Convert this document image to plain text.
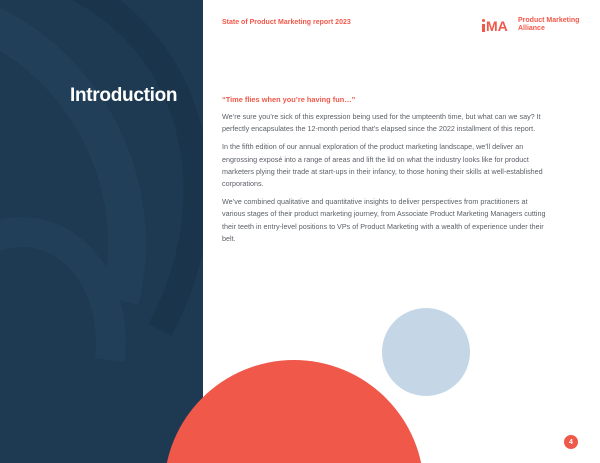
Introduction
State of Product Marketing report 2023	MA Product Marketing
Alliance

“Time flies when you’re having fun…”

We’re sure you’re sick of this expression being used for the umpteenth time, but what can we say? It perfectly encapsulates the 12-month period that’s elapsed since the 2022 installment of this report.

In the fifth edition of our annual exploration of the product marketing landscape, we’ll deliver an engrossing exposé into a range of areas and lift the lid on what the industry looks like for product marketers plying their trade at start-ups in their infancy, to those honing their skills at well-established corporations.

We’ve combined qualitative and quantitative insights to deliver perspectives from practitioners at various stages of their product marketing journey, from Associate Product Marketing Managers cutting their teeth in entry-level positions to VPs of Product Marketing with a wealth of experience under their belt.

4
